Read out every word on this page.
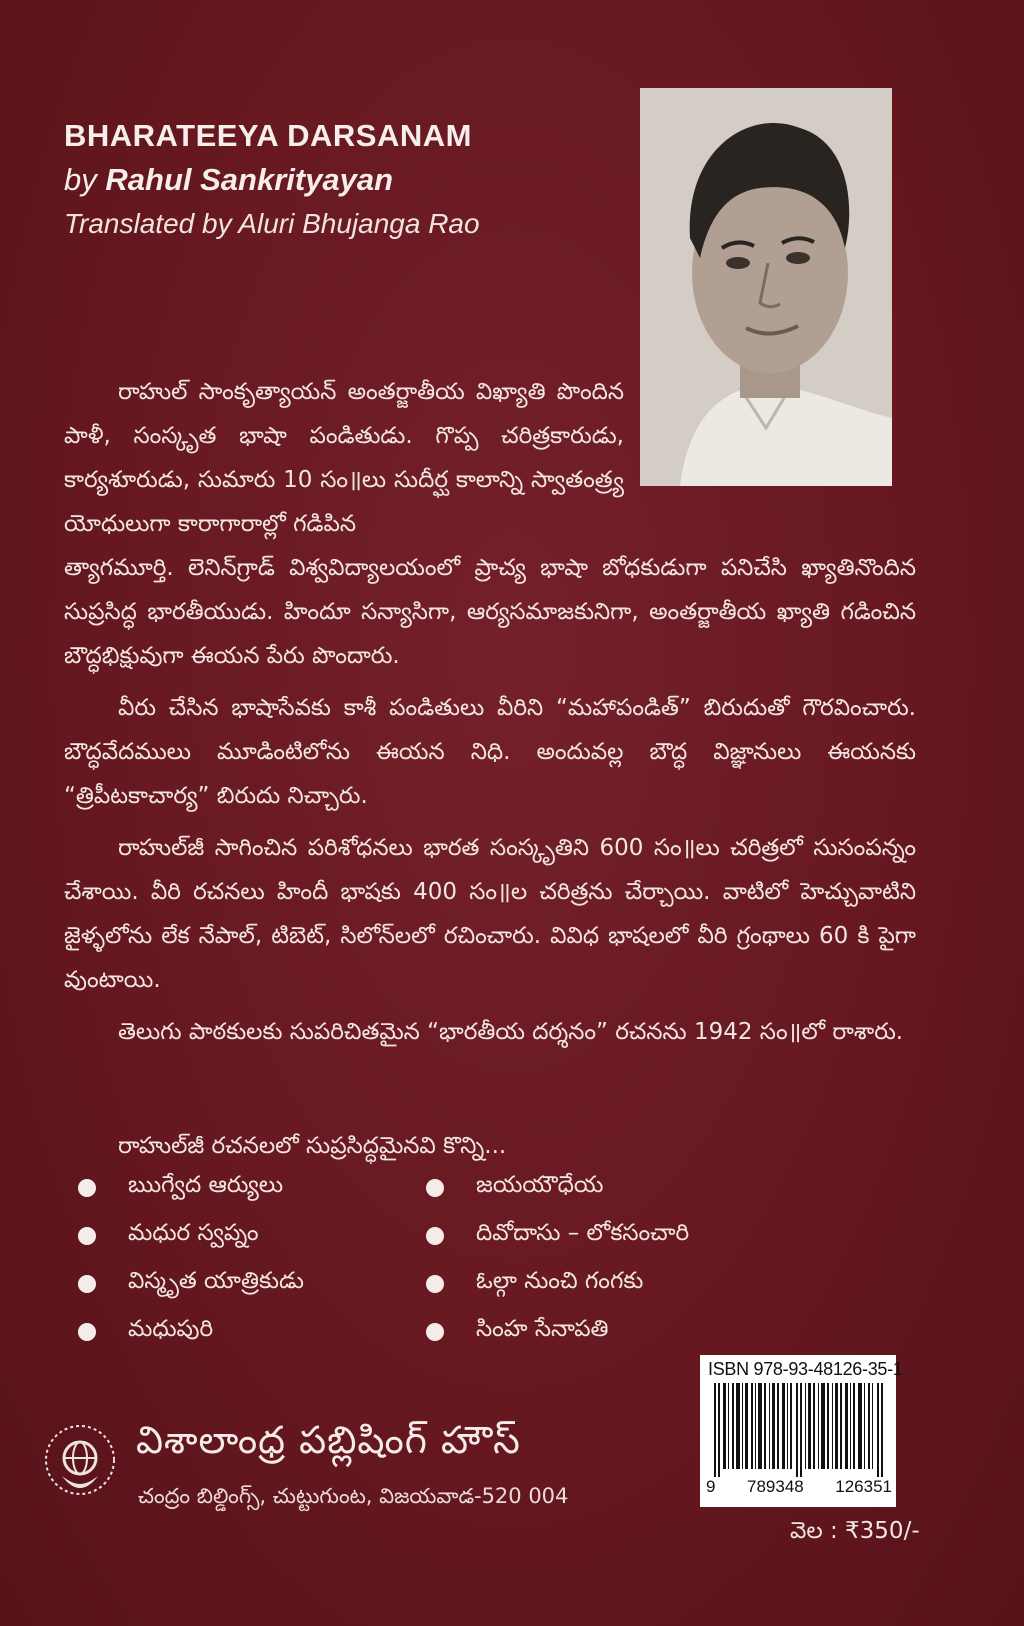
BHARATEEYA DARSANAM
by Rahul Sankrityayan
Translated by Aluri Bhujanga Rao

రాహుల్ సాంకృత్యాయన్ అంతర్జాతీయ విఖ్యాతి పొందిన పాళీ, సంస్కృత భాషా పండితుడు. గొప్ప చరిత్రకారుడు, కార్యశూరుడు, సుమారు 10 సం॥లు సుదీర్ఘ కాలాన్ని స్వాతంత్ర్య యోధులుగా కారాగారాల్లో గడిపిన

త్యాగమూర్తి. లెనిన్‌గ్రాడ్ విశ్వవిద్యాలయంలో ప్రాచ్య భాషా బోధకుడుగా పనిచేసి ఖ్యాతినొందిన సుప్రసిద్ధ భారతీయుడు. హిందూ సన్యాసిగా, ఆర్యసమాజకునిగా, అంతర్జాతీయ ఖ్యాతి గడించిన బౌద్ధభిక్షువుగా ఈయన పేరు పొందారు.

వీరు చేసిన భాషాసేవకు కాశీ పండితులు వీరిని “మహాపండిత్” బిరుదుతో గౌరవించారు. బౌద్ధవేదములు మూడింటిలోను ఈయన నిధి. అందువల్ల బౌద్ధ విజ్ఞానులు ఈయనకు “త్రిపీటకాచార్య” బిరుదు నిచ్చారు.

రాహుల్‌జీ సాగించిన పరిశోధనలు భారత సంస్కృతిని 600 సం॥లు చరిత్రలో సుసంపన్నం చేశాయి. వీరి రచనలు హిందీ భాషకు 400 సం॥ల చరిత్రను చేర్చాయి. వాటిలో హెచ్చువాటిని జైళ్ళలోను లేక నేపాల్, టిబెట్, సిలోన్‌లలో రచించారు. వివిధ భాషలలో వీరి గ్రంథాలు 60 కి పైగా వుంటాయి.

తెలుగు పాఠకులకు సుపరిచితమైన “భారతీయ దర్శనం” రచనను 1942 సం॥లో రాశారు.

రాహుల్‌జీ రచనలలో సుప్రసిద్ధమైనవి కొన్ని...
ఋగ్వేద ఆర్యులు	జయయౌధేయ
మధుర స్వప్నం	దివోదాసు – లోకసంచారి
విస్మృత యాత్రికుడు	ఓల్గా నుంచి గంగకు
మధుపురి	సింహ సేనాపతి
ISBN 978-93-48126-35-1
9 789348 126351
విశాలాంధ్ర పబ్లిషింగ్ హౌస్
చంద్రం బిల్డింగ్స్, చుట్టుగుంట, విజయవాడ-520 004
వెల : ₹350/-
